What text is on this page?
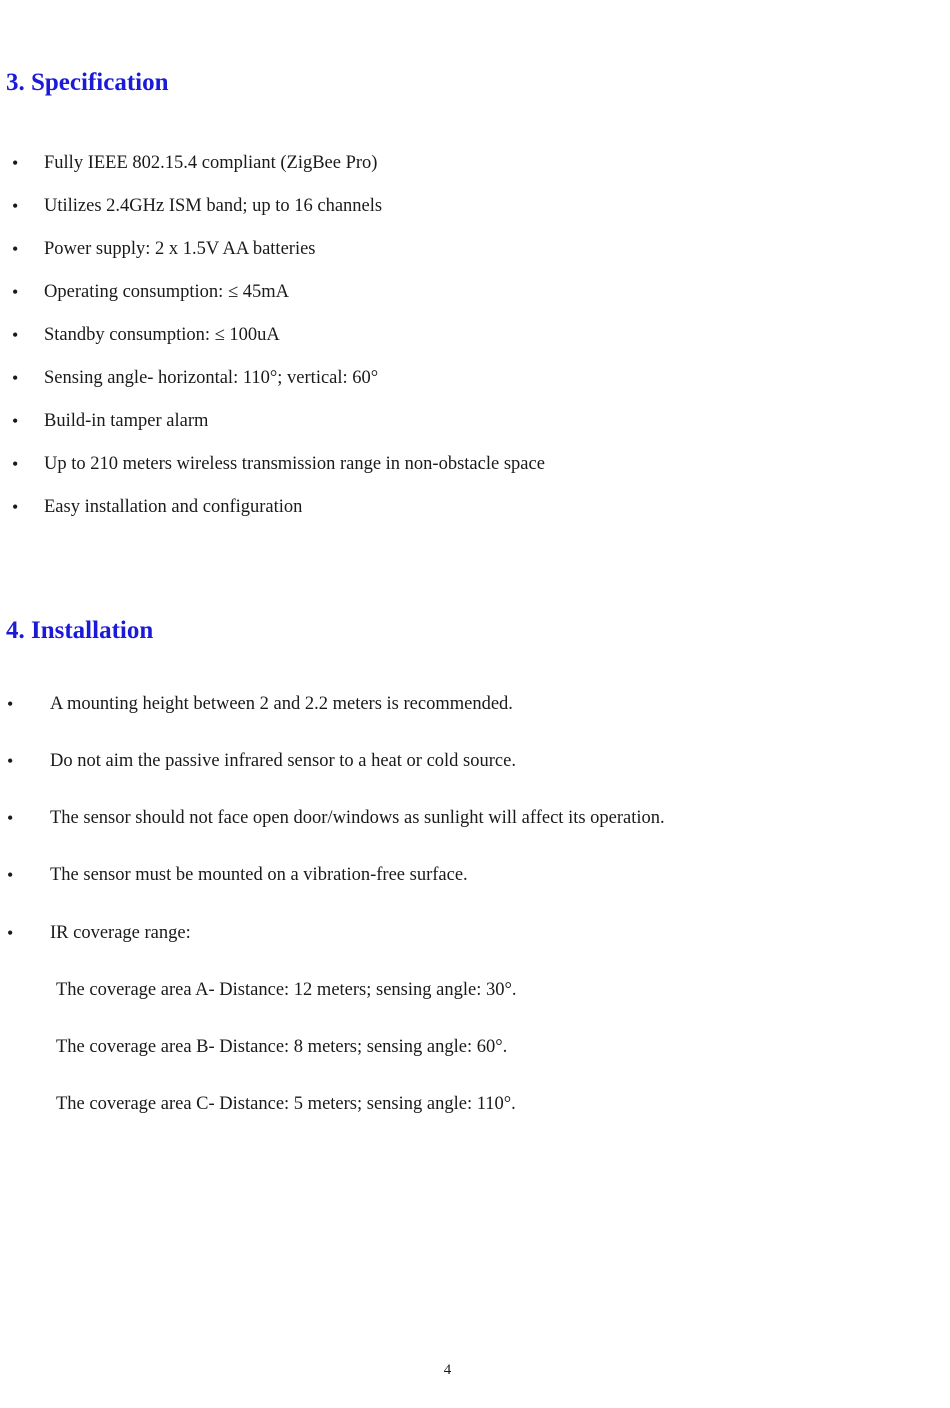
3. Specification
• Fully IEEE 802.15.4 compliant (ZigBee Pro)
• Utilizes 2.4GHz ISM band; up to 16 channels
• Power supply: 2 x 1.5V AA batteries
• Operating consumption: ≤ 45mA
• Standby consumption: ≤ 100uA
• Sensing angle- horizontal: 110°; vertical: 60°
• Build-in tamper alarm
• Up to 210 meters wireless transmission range in non-obstacle space
• Easy installation and configuration
4. Installation
• A mounting height between 2 and 2.2 meters is recommended.
• Do not aim the passive infrared sensor to a heat or cold source.
• The sensor should not face open door/windows as sunlight will affect its operation.
• The sensor must be mounted on a vibration-free surface.
• IR coverage range:
The coverage area A- Distance: 12 meters; sensing angle: 30°.
The coverage area B- Distance: 8 meters; sensing angle: 60°.
The coverage area C- Distance: 5 meters; sensing angle: 110°.
4
